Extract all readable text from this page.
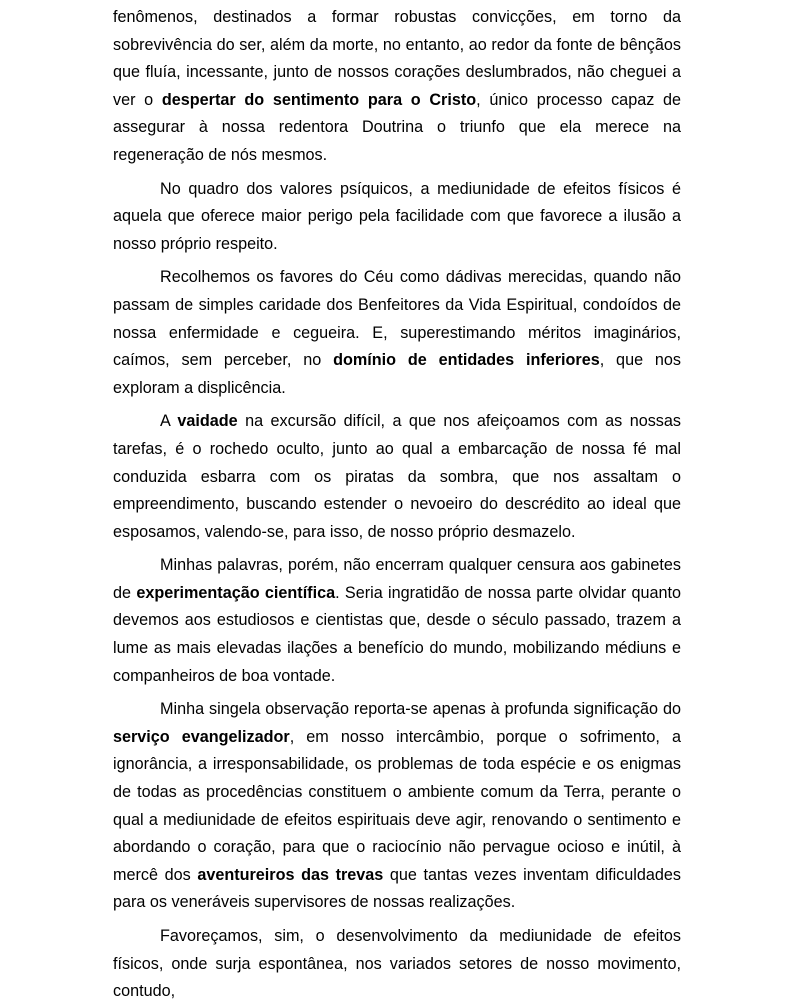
fenômenos, destinados a formar robustas convicções, em torno da sobrevivência do ser, além da morte, no entanto, ao redor da fonte de bênçãos que fluía, incessante, junto de nossos corações deslumbrados, não cheguei a ver o despertar do sentimento para o Cristo, único processo capaz de assegurar à nossa redentora Doutrina o triunfo que ela merece na regeneração de nós mesmos.

No quadro dos valores psíquicos, a mediunidade de efeitos físicos é aquela que oferece maior perigo pela facilidade com que favorece a ilusão a nosso próprio respeito.

Recolhemos os favores do Céu como dádivas merecidas, quando não passam de simples caridade dos Benfeitores da Vida Espiritual, condoídos de nossa enfermidade e cegueira. E, superestimando méritos imaginários, caímos, sem perceber, no domínio de entidades inferiores, que nos exploram a displicência.

A vaidade na excursão difícil, a que nos afeiçoamos com as nossas tarefas, é o rochedo oculto, junto ao qual a embarcação de nossa fé mal conduzida esbarra com os piratas da sombra, que nos assaltam o empreendimento, buscando estender o nevoeiro do descrédito ao ideal que esposamos, valendo-se, para isso, de nosso próprio desmazelo.

Minhas palavras, porém, não encerram qualquer censura aos gabinetes de experimentação científica. Seria ingratidão de nossa parte olvidar quanto devemos aos estudiosos e cientistas que, desde o século passado, trazem a lume as mais elevadas ilações a benefício do mundo, mobilizando médiuns e companheiros de boa vontade.

Minha singela observação reporta-se apenas à profunda significação do serviço evangelizador, em nosso intercâmbio, porque o sofrimento, a ignorância, a irresponsabilidade, os problemas de toda espécie e os enigmas de todas as procedências constituem o ambiente comum da Terra, perante o qual a mediunidade de efeitos espirituais deve agir, renovando o sentimento e abordando o coração, para que o raciocínio não pervague ocioso e inútil, à mercê dos aventureiros das trevas que tantas vezes inventam dificuldades para os veneráveis supervisores de nossas realizações.

Favoreçamos, sim, o desenvolvimento da mediunidade de efeitos físicos, onde surja espontânea, nos variados setores de nosso movimento, contudo,
